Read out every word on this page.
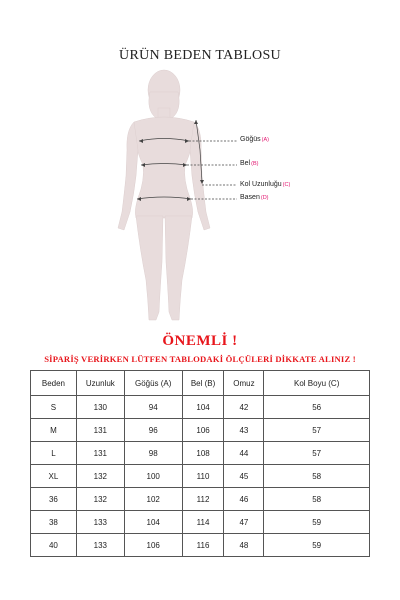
ÜRÜN BEDEN TABLOSU
Göğüs(A)
Bel(B)
Kol Uzunluğu(C)
Basen(D)
ÖNEMLİ !
SİPARİŞ VERİRKEN LÜTFEN TABLODAKİ ÖLÇÜLERİ DİKKATE ALINIZ !
Beden	Uzunluk	Göğüs (A)	Bel (B)	Omuz	Kol Boyu (C)
S	130	94	104	42	56
M	131	96	106	43	57
L	131	98	108	44	57
XL	132	100	110	45	58
36	132	102	112	46	58
38	133	104	114	47	59
40	133	106	116	48	59
